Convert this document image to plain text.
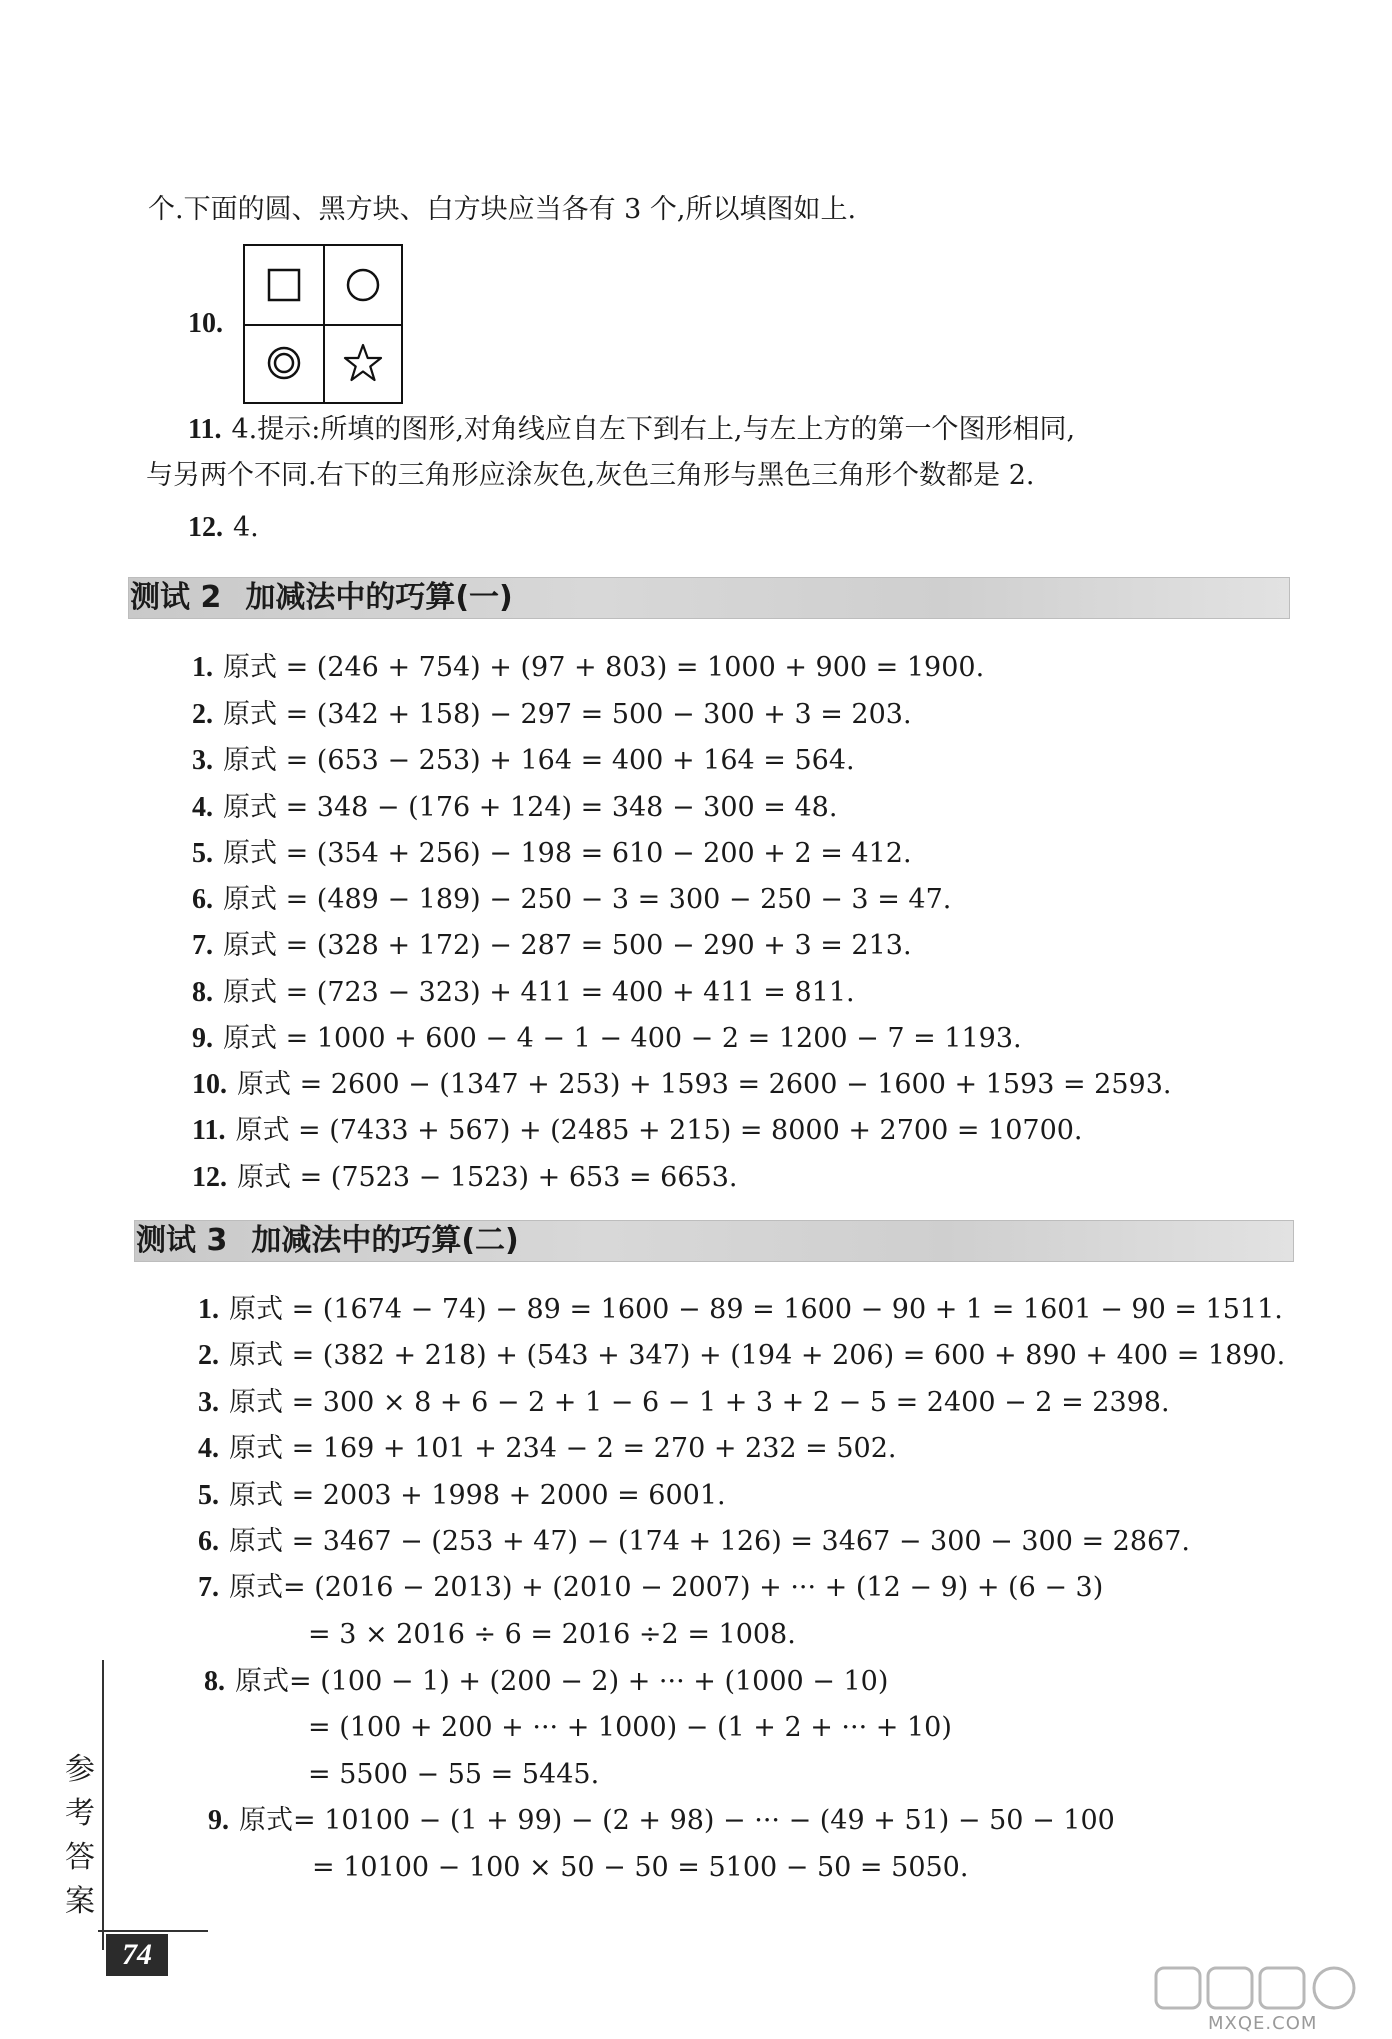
个.下面的圆、黑方块、白方块应当各有 3 个,所以填图如上.
10.
11. 4.提示:所填的图形,对角线应自左下到右上,与左上方的第一个图形相同,
与另两个不同.右下的三角形应涂灰色,灰色三角形与黑色三角形个数都是 2.
12. 4.
测试 2 加减法中的巧算(一)
1. 原式 = (246 + 754) + (97 + 803) = 1000 + 900 = 1900.
2. 原式 = (342 + 158) − 297 = 500 − 300 + 3 = 203.
3. 原式 = (653 − 253) + 164 = 400 + 164 = 564.
4. 原式 = 348 − (176 + 124) = 348 − 300 = 48.
5. 原式 = (354 + 256) − 198 = 610 − 200 + 2 = 412.
6. 原式 = (489 − 189) − 250 − 3 = 300 − 250 − 3 = 47.
7. 原式 = (328 + 172) − 287 = 500 − 290 + 3 = 213.
8. 原式 = (723 − 323) + 411 = 400 + 411 = 811.
9. 原式 = 1000 + 600 − 4 − 1 − 400 − 2 = 1200 − 7 = 1193.
10. 原式 = 2600 − (1347 + 253) + 1593 = 2600 − 1600 + 1593 = 2593.
11. 原式 = (7433 + 567) + (2485 + 215) = 8000 + 2700 = 10700.
12. 原式 = (7523 − 1523) + 653 = 6653.
测试 3 加减法中的巧算(二)
1. 原式 = (1674 − 74) − 89 = 1600 − 89 = 1600 − 90 + 1 = 1601 − 90 = 1511.
2. 原式 = (382 + 218) + (543 + 347) + (194 + 206) = 600 + 890 + 400 = 1890.
3. 原式 = 300 × 8 + 6 − 2 + 1 − 6 − 1 + 3 + 2 − 5 = 2400 − 2 = 2398.
4. 原式 = 169 + 101 + 234 − 2 = 270 + 232 = 502.
5. 原式 = 2003 + 1998 + 2000 = 6001.
6. 原式 = 3467 − (253 + 47) − (174 + 126) = 3467 − 300 − 300 = 2867.
7. 原式= (2016 − 2013) + (2010 − 2007) + ··· + (12 − 9) + (6 − 3)
= 3 × 2016 ÷ 6 = 2016 ÷2 = 1008.
8. 原式= (100 − 1) + (200 − 2) + ··· + (1000 − 10)
= (100 + 200 + ··· + 1000) − (1 + 2 + ··· + 10)
= 5500 − 55 = 5445.
9. 原式= 10100 − (1 + 99) − (2 + 98) − ··· − (49 + 51) − 50 − 100
= 10100 − 100 × 50 − 50 = 5100 − 50 = 5050.
参
考
答
案
74
MXQE.COM
